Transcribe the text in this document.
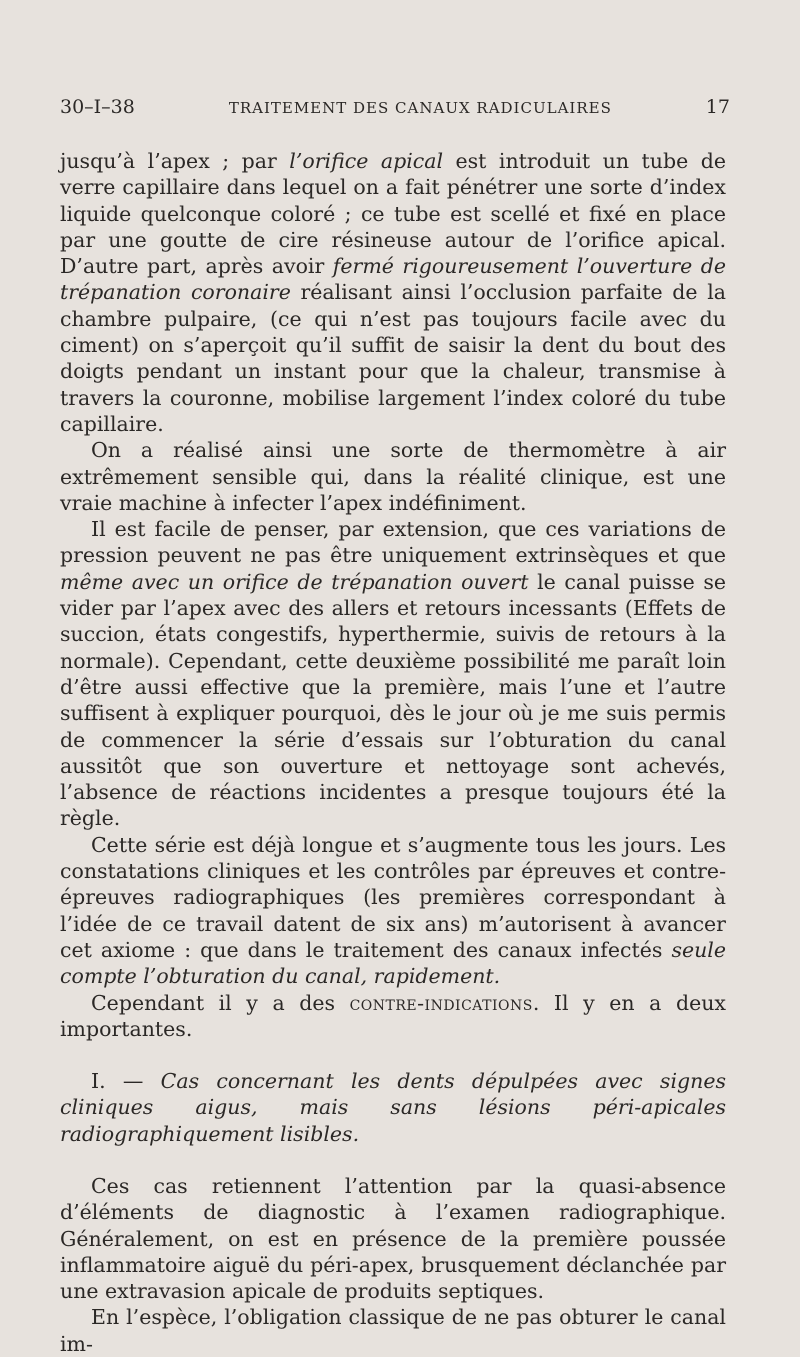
30–I–38	TRAITEMENT DES CANAUX RADICULAIRES	17

jusqu’à l’apex ; par l’orifice apical est introduit un tube de verre capillaire dans lequel on a fait pénétrer une sorte d’index liquide quelconque coloré ; ce tube est scellé et fixé en place par une goutte de cire résineuse autour de l’orifice apical. D’autre part, après avoir fermé rigoureusement l’ouverture de trépanation coronaire réalisant ainsi l’occlusion parfaite de la chambre pulpaire, (ce qui n’est pas toujours facile avec du ciment) on s’aperçoit qu’il suffit de saisir la dent du bout des doigts pendant un instant pour que la chaleur, transmise à travers la couronne, mobilise largement l’index coloré du tube capillaire.

On a réalisé ainsi une sorte de thermomètre à air extrêmement sensible qui, dans la réalité clinique, est une vraie machine à infecter l’apex indéfiniment.

Il est facile de penser, par extension, que ces variations de pression peuvent ne pas être uniquement extrinsèques et que même avec un orifice de trépanation ouvert le canal puisse se vider par l’apex avec des allers et retours incessants (Effets de succion, états congestifs, hyperthermie, suivis de retours à la normale). Cependant, cette deuxième possibilité me paraît loin d’être aussi effective que la première, mais l’une et l’autre suffisent à expliquer pourquoi, dès le jour où je me suis permis de commencer la série d’essais sur l’obturation du canal aussitôt que son ouverture et nettoyage sont achevés, l’absence de réactions incidentes a presque toujours été la règle.

Cette série est déjà longue et s’augmente tous les jours. Les constatations cliniques et les contrôles par épreuves et contre-épreuves radiographiques (les premières correspondant à l’idée de ce travail datent de six ans) m’autorisent à avancer cet axiome : que dans le traitement des canaux infectés seule compte l’obturation du canal, rapidement.

Cependant il y a des contre-indications. Il y en a deux importantes.

I. — Cas concernant les dents dépulpées avec signes cliniques aigus, mais sans lésions péri-apicales radiographiquement lisibles.

Ces cas retiennent l’attention par la quasi-absence d’éléments de diagnostic à l’examen radiographique. Généralement, on est en présence de la première poussée inflammatoire aiguë du péri-apex, brusquement déclanchée par une extravasion apicale de produits septiques.

En l’espèce, l’obligation classique de ne pas obturer le canal im-
